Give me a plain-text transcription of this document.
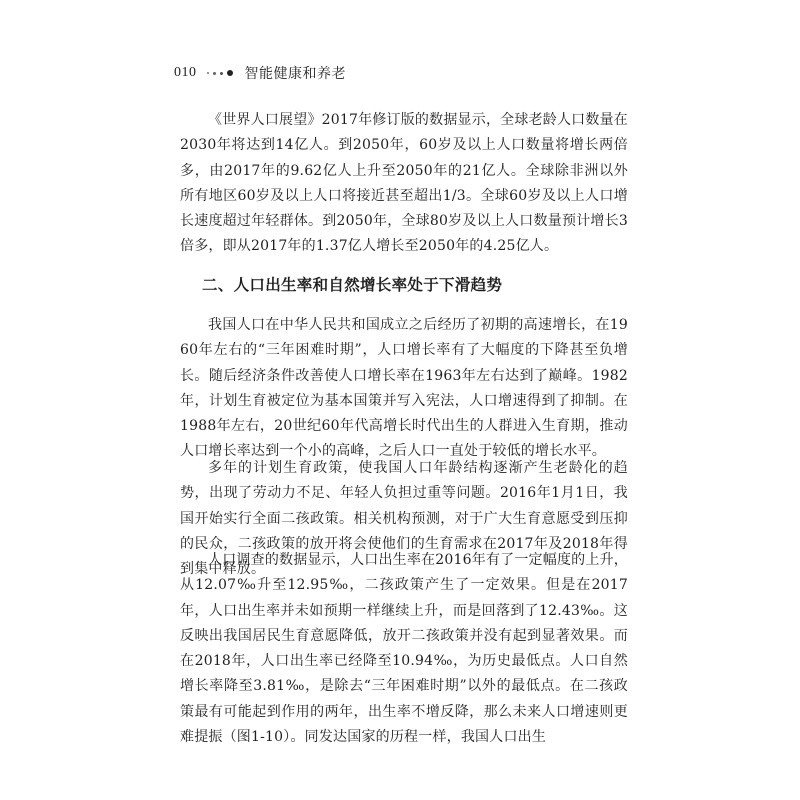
010	智能健康和养老

《世界人口展望》2017年修订版的数据显示，全球老龄人口数量在2030年将达到14亿人。到2050年，60岁及以上人口数量将增长两倍多，由2017年的9.62亿人上升至2050年的21亿人。全球除非洲以外所有地区60岁及以上人口将接近甚至超出1/3。全球60岁及以上人口增长速度超过年轻群体。到2050年，全球80岁及以上人口数量预计增长3倍多，即从2017年的1.37亿人增长至2050年的4.25亿人。

二、人口出生率和自然增长率处于下滑趋势

我国人口在中华人民共和国成立之后经历了初期的高速增长，在1960年左右的“三年困难时期”，人口增长率有了大幅度的下降甚至负增长。随后经济条件改善使人口增长率在1963年左右达到了巅峰。1982年，计划生育被定位为基本国策并写入宪法，人口增速得到了抑制。在1988年左右，20世纪60年代高增长时代出生的人群进入生育期，推动人口增长率达到一个小的高峰，之后人口一直处于较低的增长水平。

多年的计划生育政策，使我国人口年龄结构逐渐产生老龄化的趋势，出现了劳动力不足、年轻人负担过重等问题。2016年1月1日，我国开始实行全面二孩政策。相关机构预测，对于广大生育意愿受到压抑的民众，二孩政策的放开将会使他们的生育需求在2017年及2018年得到集中释放。

人口调查的数据显示，人口出生率在2016年有了一定幅度的上升，从12.07‰升至12.95‰，二孩政策产生了一定效果。但是在2017年，人口出生率并未如预期一样继续上升，而是回落到了12.43‰。这反映出我国居民生育意愿降低，放开二孩政策并没有起到显著效果。而在2018年，人口出生率已经降至10.94‰，为历史最低点。人口自然增长率降至3.81‰，是除去“三年困难时期”以外的最低点。在二孩政策最有可能起到作用的两年，出生率不增反降，那么未来人口增速则更难提振（图1-10）。同发达国家的历程一样，我国人口出生
